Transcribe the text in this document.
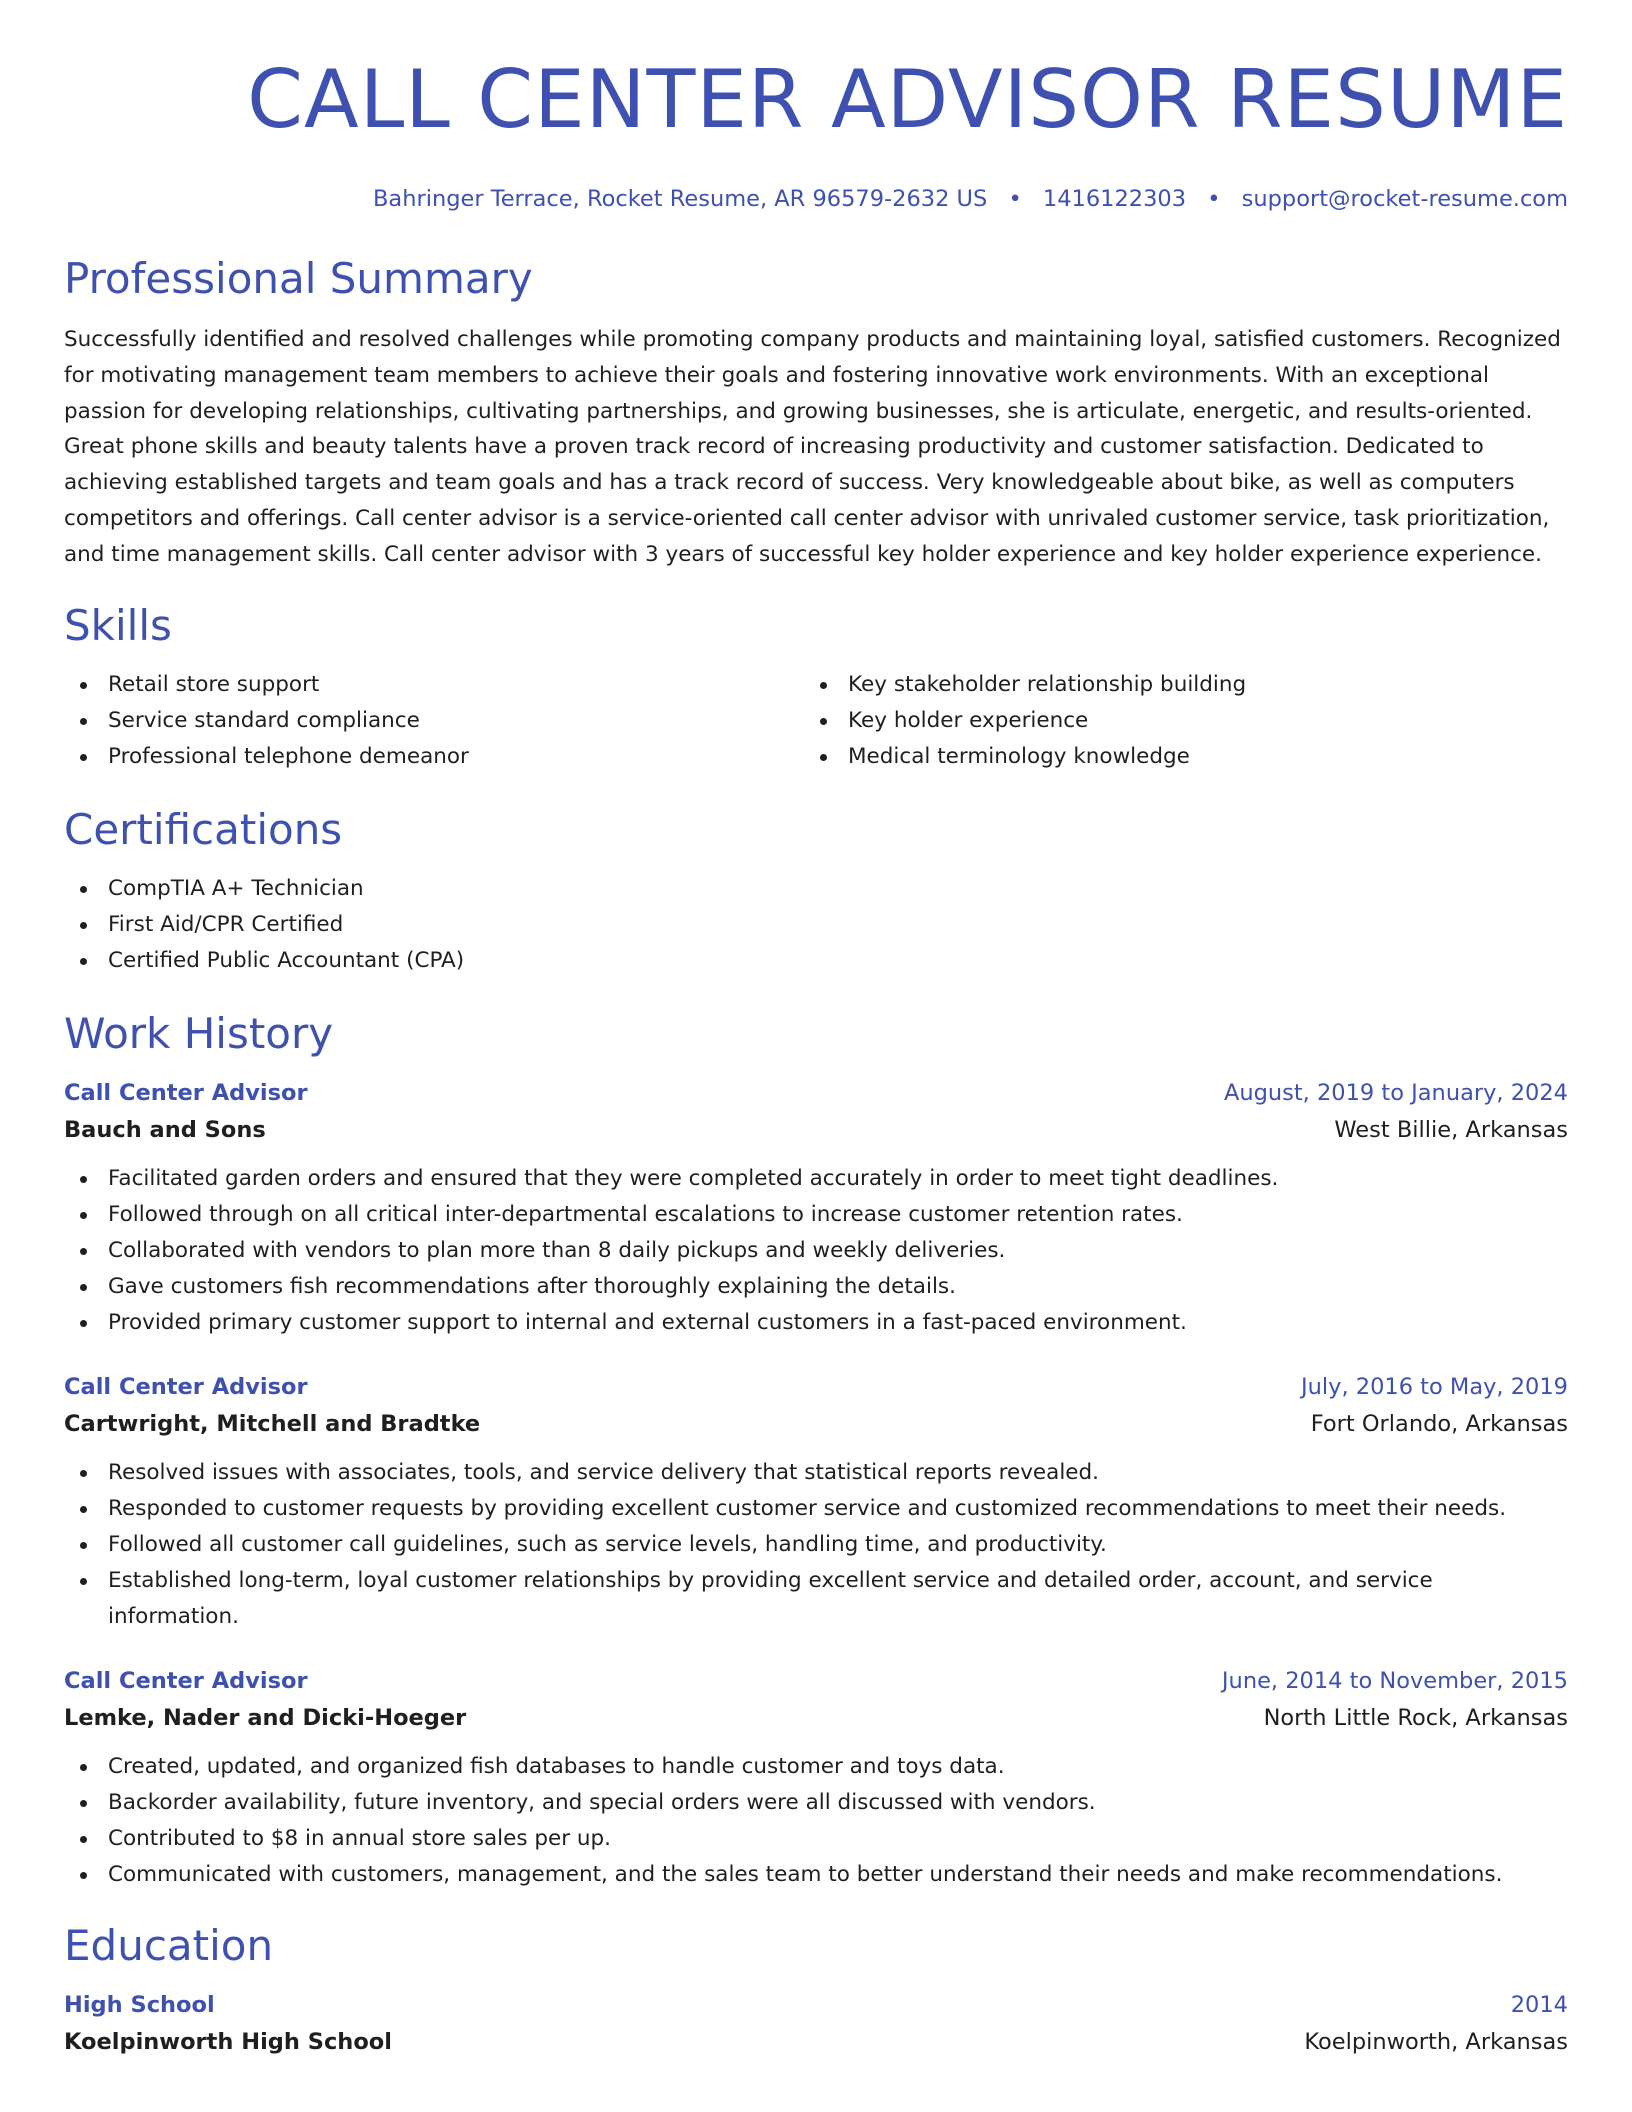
CALL CENTER ADVISOR RESUME
Bahringer Terrace, Rocket Resume, AR 96579-2632 US • 1416122303 • support@rocket-resume.com
Professional Summary

Successfully identified and resolved challenges while promoting company products and maintaining loyal, satisfied customers. Recognized for motivating management team members to achieve their goals and fostering innovative work environments. With an exceptional passion for developing relationships, cultivating partnerships, and growing businesses, she is articulate, energetic, and results-oriented. Great phone skills and beauty talents have a proven track record of increasing productivity and customer satisfaction. Dedicated to achieving established targets and team goals and has a track record of success. Very knowledgeable about bike, as well as computers competitors and offerings. Call center advisor is a service-oriented call center advisor with unrivaled customer service, task prioritization, and time management skills. Call center advisor with 3 years of successful key holder experience and key holder experience experience.

Skills
Retail store support
Service standard compliance
Professional telephone demeanor
Key stakeholder relationship building
Key holder experience
Medical terminology knowledge
Certifications
CompTIA A+ Technician
First Aid/CPR Certified
Certified Public Accountant (CPA)
Work History
Call Center Advisor	August, 2019 to January, 2024
Bauch and Sons	West Billie, Arkansas
Facilitated garden orders and ensured that they were completed accurately in order to meet tight deadlines.
Followed through on all critical inter-departmental escalations to increase customer retention rates.
Collaborated with vendors to plan more than 8 daily pickups and weekly deliveries.
Gave customers fish recommendations after thoroughly explaining the details.
Provided primary customer support to internal and external customers in a fast-paced environment.
Call Center Advisor	July, 2016 to May, 2019
Cartwright, Mitchell and Bradtke	Fort Orlando, Arkansas
Resolved issues with associates, tools, and service delivery that statistical reports revealed.
Responded to customer requests by providing excellent customer service and customized recommendations to meet their needs.
Followed all customer call guidelines, such as service levels, handling time, and productivity.
Established long-term, loyal customer relationships by providing excellent service and detailed order, account, and service information.
Call Center Advisor	June, 2014 to November, 2015
Lemke, Nader and Dicki-Hoeger	North Little Rock, Arkansas
Created, updated, and organized fish databases to handle customer and toys data.
Backorder availability, future inventory, and special orders were all discussed with vendors.
Contributed to $8 in annual store sales per up.
Communicated with customers, management, and the sales team to better understand their needs and make recommendations.
Education
High School	2014
Koelpinworth High School	Koelpinworth, Arkansas
